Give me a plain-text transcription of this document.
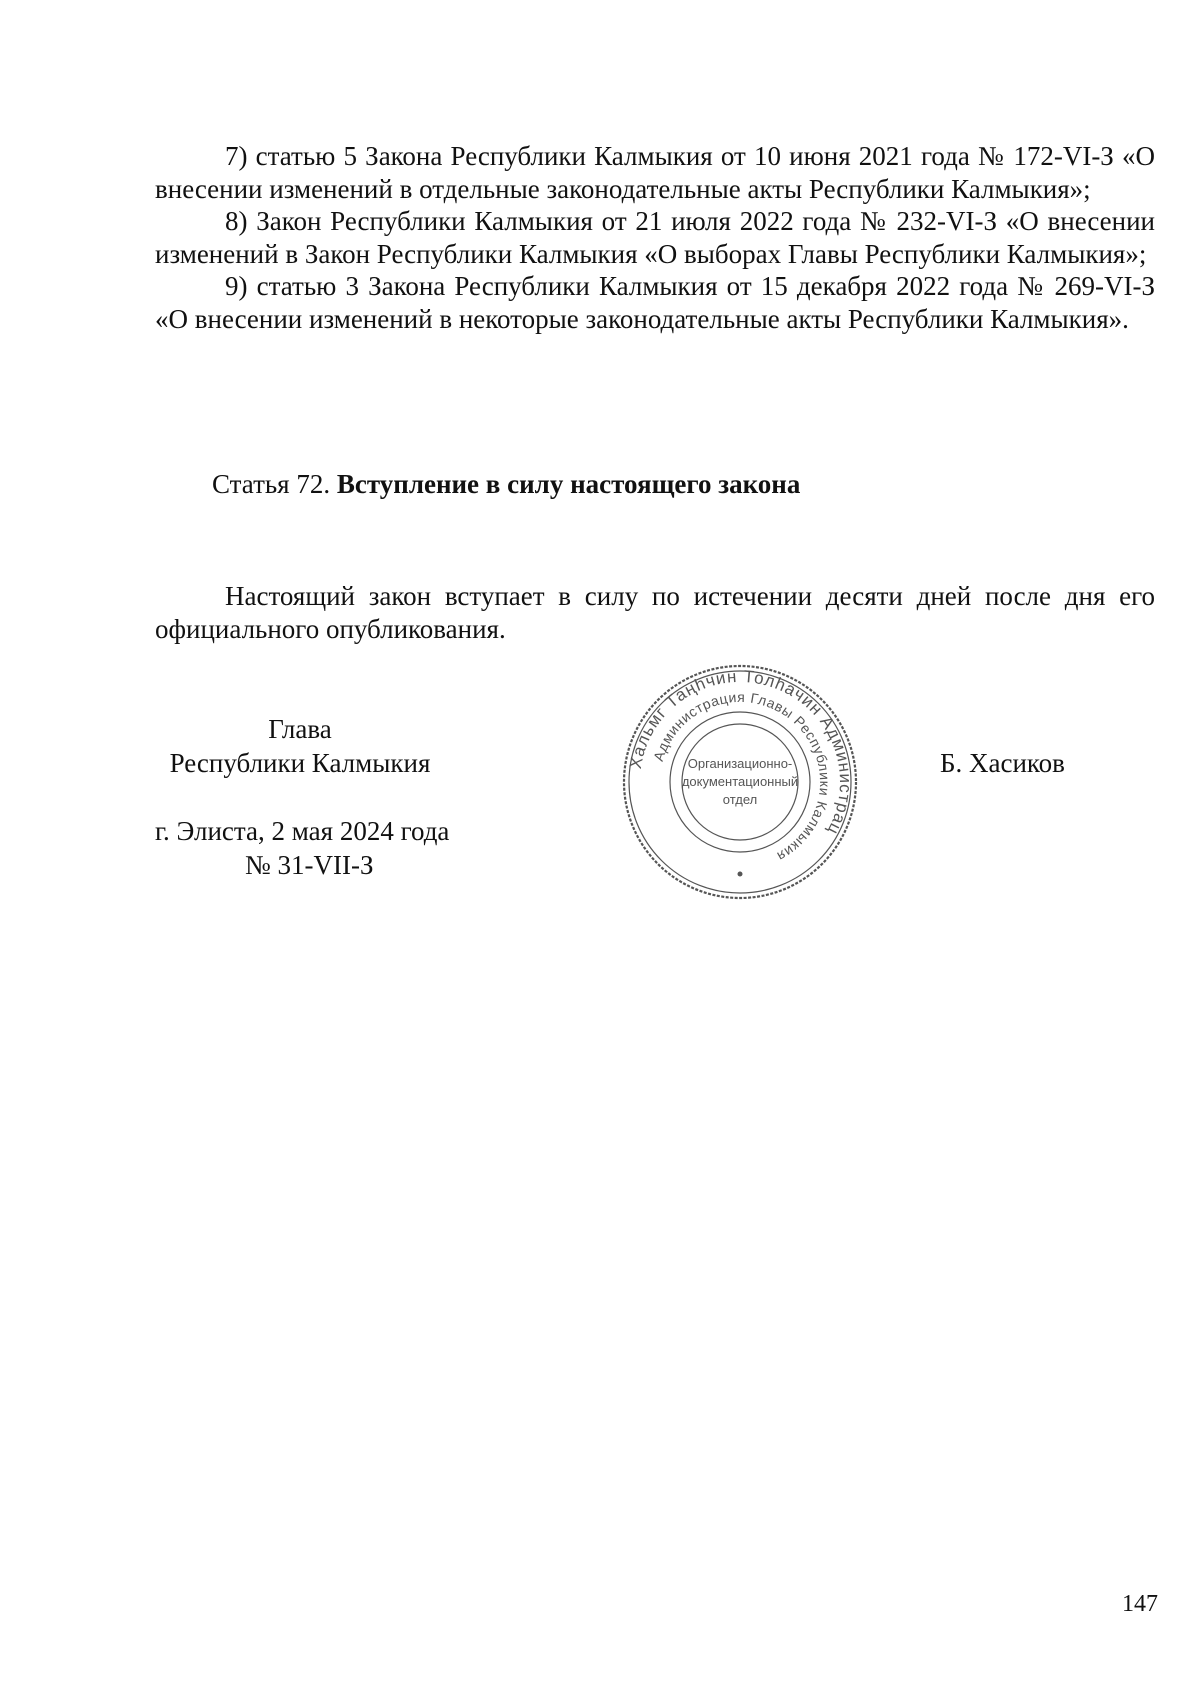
7) статью 5 Закона Республики Калмыкия от 10 июня 2021 года № 172-VI-З «О внесении изменений в отдельные законодательные акты Республики Калмыкия»;

8) Закон Республики Калмыкия от 21 июля 2022 года № 232-VI-З «О внесении изменений в Закон Республики Калмыкия «О выборах Главы Республики Калмыкия»;

9) статью 3 Закона Республики Калмыкия от 15 декабря 2022 года № 269-VI-З «О внесении изменений в некоторые законодательные акты Республики Калмыкия».

Статья 72. Вступление в силу настоящего закона

Настоящий закон вступает в силу по истечении десяти дней после дня его официального опубликования.

Глава
Республики Калмыкия
г. Элиста, 2 мая 2024 года
№ 31-VII-З
Б. Хасиков
Хальмг Таңһчин Толһачин Администрац
Администрация Главы Республики Калмыкия
Организационно-
документационный
отдел
147
